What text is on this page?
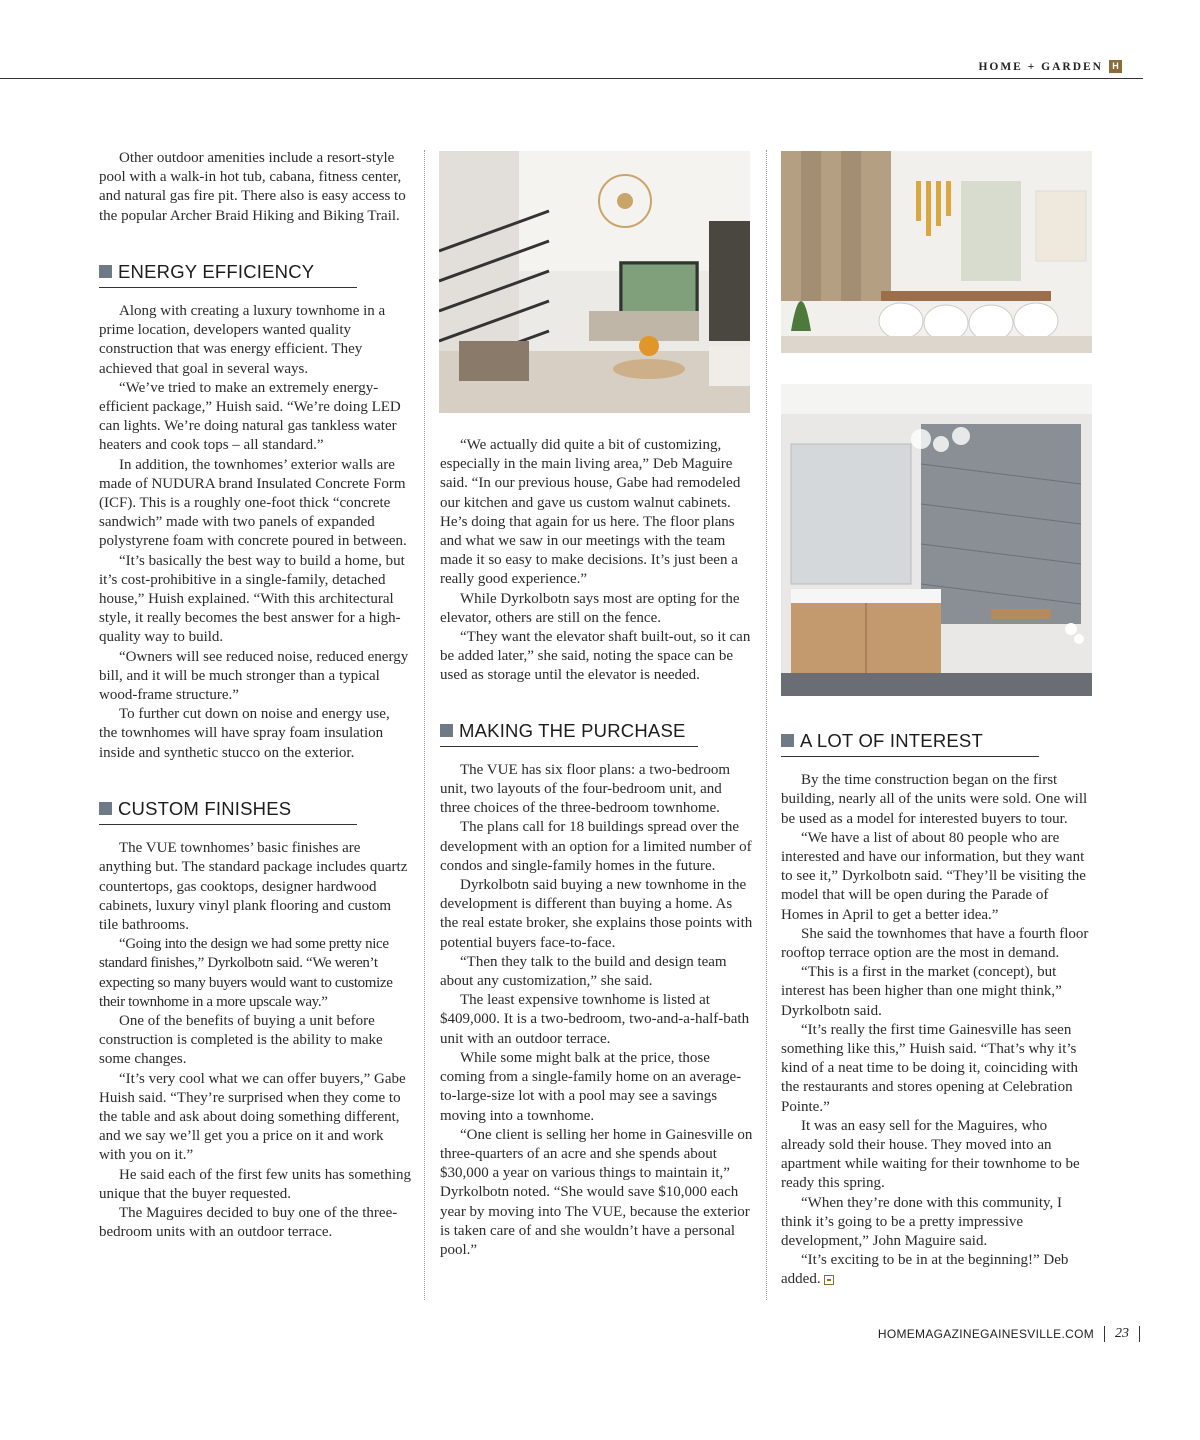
HOME + GARDEN	H

Other outdoor amenities include a resort-style pool with a walk-in hot tub, cabana, fitness center, and natural gas fire pit. There also is easy access to the popular Archer Braid Hiking and Biking Trail.

ENERGY EFFICIENCY

Along with creating a luxury townhome in a prime location, developers wanted quality construction that was energy efficient. They achieved that goal in several ways.

“We’ve tried to make an extremely energy-efficient package,” Huish said. “We’re doing LED can lights. We’re doing natural gas tankless water heaters and cook tops – all standard.”

In addition, the townhomes’ exterior walls are made of NUDURA brand Insulated Concrete Form (ICF). This is a roughly one-foot thick “concrete sandwich” made with two panels of expanded polystyrene foam with concrete poured in between.

“It’s basically the best way to build a home, but it’s cost-prohibitive in a single-family, detached house,” Huish explained. “With this architectural style, it really becomes the best answer for a high-quality way to build.

“Owners will see reduced noise, reduced energy bill, and it will be much stronger than a typical wood-frame structure.”

To further cut down on noise and energy use, the townhomes will have spray foam insulation inside and synthetic stucco on the exterior.

CUSTOM FINISHES

The VUE townhomes’ basic finishes are anything but. The standard package includes quartz countertops, gas cooktops, designer hardwood cabinets, luxury vinyl plank flooring and custom tile bathrooms.

“Going into the design we had some pretty nice standard finishes,” Dyrkolbotn said. “We weren’t expecting so many buyers would want to customize their townhome in a more upscale way.”

One of the benefits of buying a unit before construction is completed is the ability to make some changes.

“It’s very cool what we can offer buyers,” Gabe Huish said. “They’re surprised when they come to the table and ask about doing something different, and we say we’ll get you a price on it and work with you on it.”

He said each of the first few units has something unique that the buyer requested.

The Maguires decided to buy one of the three-bedroom units with an outdoor terrace.

“We actually did quite a bit of customizing, especially in the main living area,” Deb Maguire said. “In our previous house, Gabe had remodeled our kitchen and gave us custom walnut cabinets. He’s doing that again for us here. The floor plans and what we saw in our meetings with the team made it so easy to make decisions. It’s just been a really good experience.”

While Dyrkolbotn says most are opting for the elevator, others are still on the fence.

“They want the elevator shaft built-out, so it can be added later,” she said, noting the space can be used as storage until the elevator is needed.

MAKING THE PURCHASE

The VUE has six floor plans: a two-bedroom unit, two layouts of the four-bedroom unit, and three choices of the three-bedroom townhome.

The plans call for 18 buildings spread over the development with an option for a limited number of condos and single-family homes in the future.

Dyrkolbotn said buying a new townhome in the development is different than buying a home. As the real estate broker, she explains those points with potential buyers face-to-face.

“Then they talk to the build and design team about any customization,” she said.

The least expensive townhome is listed at $409,000. It is a two-bedroom, two-and-a-half-bath unit with an outdoor terrace.

While some might balk at the price, those coming from a single-family home on an average-to-large-size lot with a pool may see a savings moving into a townhome.

“One client is selling her home in Gainesville on three-quarters of an acre and she spends about $30,000 a year on various things to maintain it,” Dyrkolbotn noted. “She would save $10,000 each year by moving into The VUE, because the exterior is taken care of and she wouldn’t have a personal pool.”

A LOT OF INTEREST

By the time construction began on the first building, nearly all of the units were sold. One will be used as a model for interested buyers to tour.

“We have a list of about 80 people who are interested and have our information, but they want to see it,” Dyrkolbotn said. “They’ll be visiting the model that will be open during the Parade of Homes in April to get a better idea.”

She said the townhomes that have a fourth floor rooftop terrace option are the most in demand.

“This is a first in the market (concept), but interest has been higher than one might think,” Dyrkolbotn said.

“It’s really the first time Gainesville has seen something like this,” Huish said. “That’s why it’s kind of a neat time to be doing it, coinciding with the restaurants and stores opening at Celebration Pointe.”

It was an easy sell for the Maguires, who already sold their house. They moved into an apartment while waiting for their townhome to be ready this spring.

“When they’re done with this community, I think it’s going to be a pretty impressive development,” John Maguire said.

“It’s exciting to be in at the beginning!” Deb added.

HOMEMAGAZINEGAINESVILLE.COM 23
